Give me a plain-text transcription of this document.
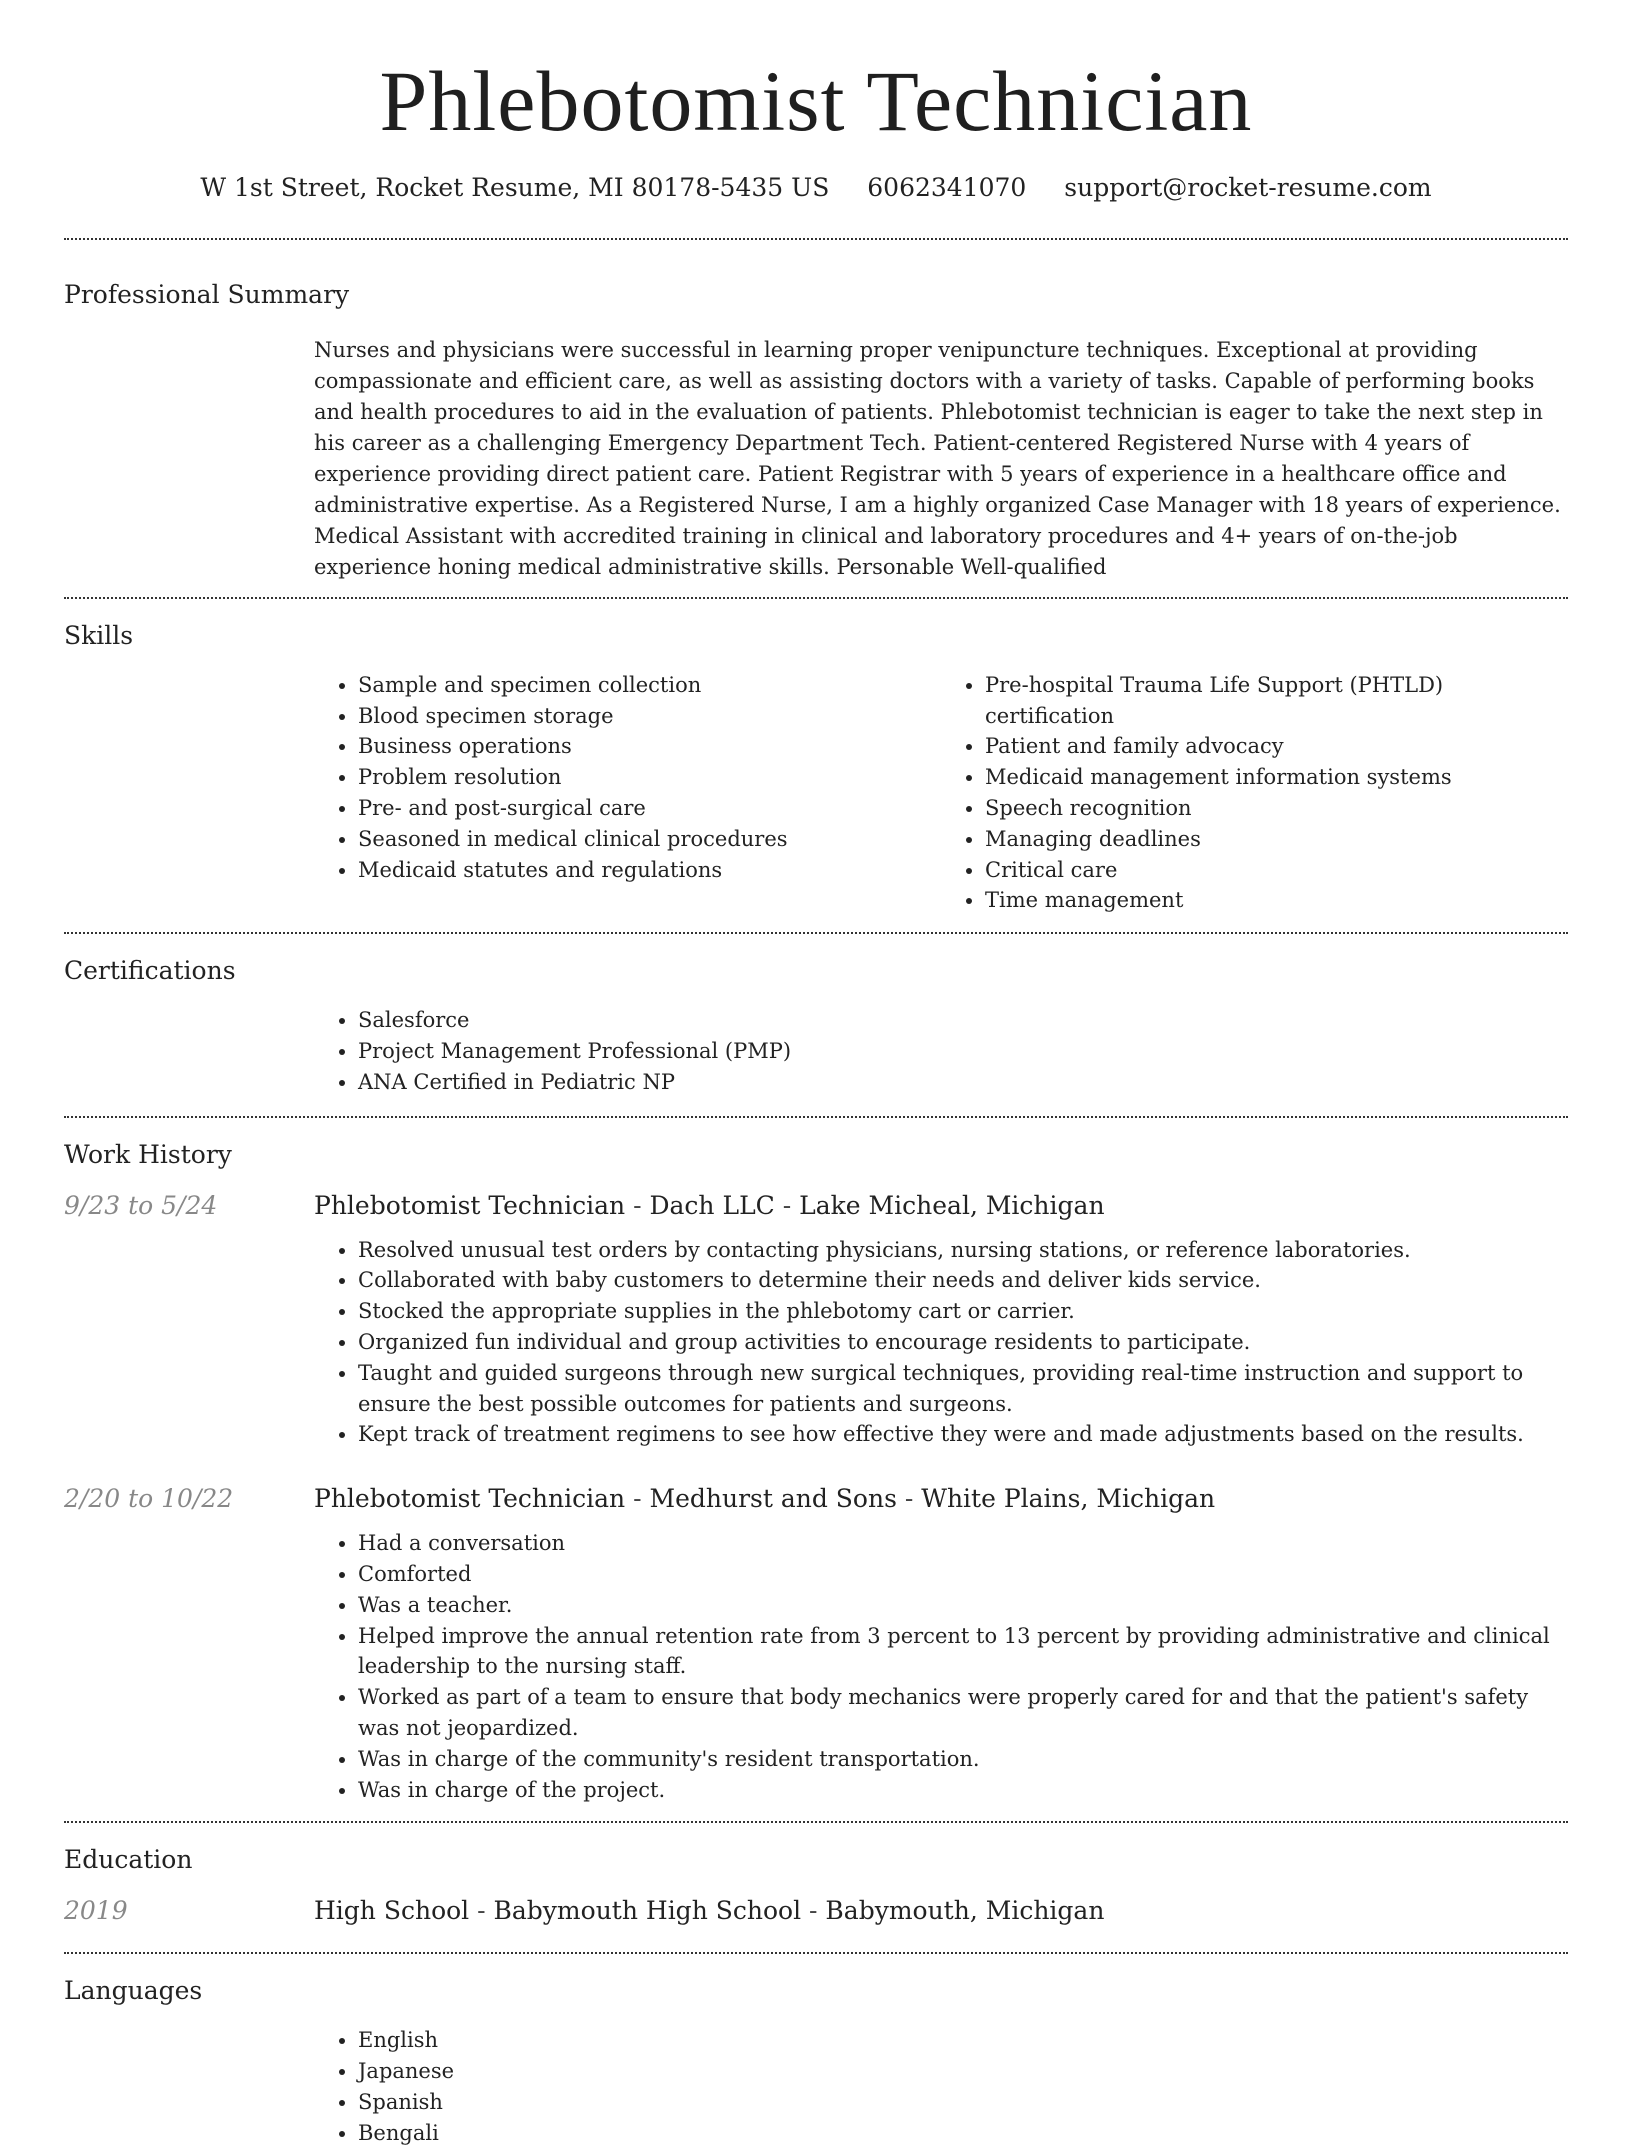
Phlebotomist Technician
W 1st Street, Rocket Resume, MI 80178-5435 US 6062341070 support@rocket-resume.com
Professional Summary
Nurses and physicians were successful in learning proper venipuncture techniques. Exceptional at providing compassionate and efficient care, as well as assisting doctors with a variety of tasks. Capable of performing books and health procedures to aid in the evaluation of patients. Phlebotomist technician is eager to take the next step in his career as a challenging Emergency Department Tech. Patient-centered Registered Nurse with 4 years of experience providing direct patient care. Patient Registrar with 5 years of experience in a healthcare office and administrative expertise. As a Registered Nurse, I am a highly organized Case Manager with 18 years of experience. Medical Assistant with accredited training in clinical and laboratory procedures and 4+ years of on-the-job experience honing medical administrative skills. Personable Well-qualified
Skills
• Sample and specimen collection
• Blood specimen storage
• Business operations
• Problem resolution
• Pre- and post-surgical care
• Seasoned in medical clinical procedures
• Medicaid statutes and regulations
• Pre-hospital Trauma Life Support (PHTLD) certification
• Patient and family advocacy
• Medicaid management information systems
• Speech recognition
• Managing deadlines
• Critical care
• Time management
Certifications
• Salesforce
• Project Management Professional (PMP)
• ANA Certified in Pediatric NP
Work History
9/23 to 5/24	Phlebotomist Technician - Dach LLC - Lake Micheal, Michigan
• Resolved unusual test orders by contacting physicians, nursing stations, or reference laboratories.
• Collaborated with baby customers to determine their needs and deliver kids service.
• Stocked the appropriate supplies in the phlebotomy cart or carrier.
• Organized fun individual and group activities to encourage residents to participate.
• Taught and guided surgeons through new surgical techniques, providing real-time instruction and support to ensure the best possible outcomes for patients and surgeons.
• Kept track of treatment regimens to see how effective they were and made adjustments based on the results.
2/20 to 10/22	Phlebotomist Technician - Medhurst and Sons - White Plains, Michigan
• Had a conversation
• Comforted
• Was a teacher.
• Helped improve the annual retention rate from 3 percent to 13 percent by providing administrative and clinical leadership to the nursing staff.
• Worked as part of a team to ensure that body mechanics were properly cared for and that the patient's safety was not jeopardized.
• Was in charge of the community's resident transportation.
• Was in charge of the project.
Education
2019	High School - Babymouth High School - Babymouth, Michigan
Languages
• English
• Japanese
• Spanish
• Bengali
